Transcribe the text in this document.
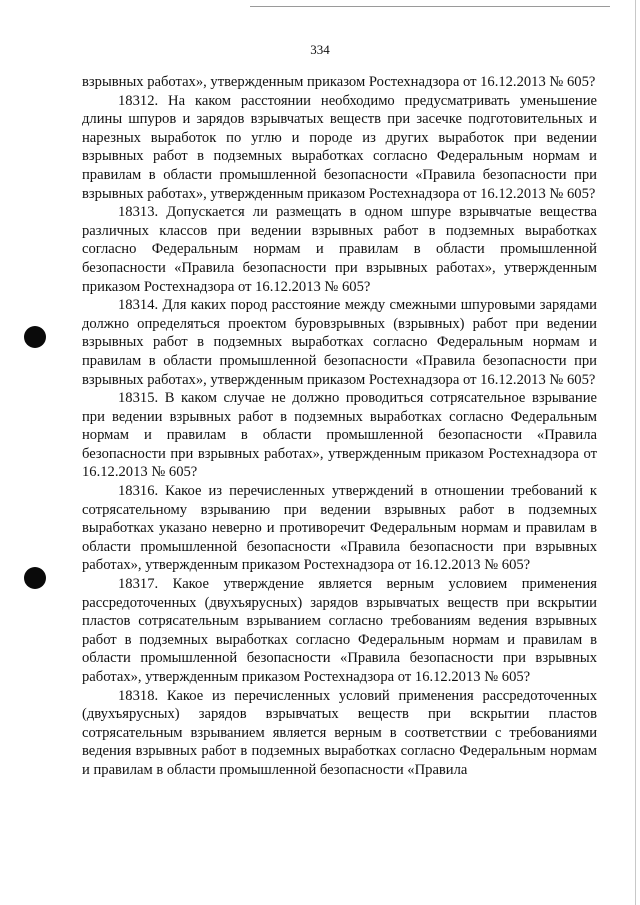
334

взрывных работах», утвержденным приказом Ростехнадзора от 16.12.2013 № 605?

18312. На каком расстоянии необходимо предусматривать уменьшение длины шпуров и зарядов взрывчатых веществ при засечке подготовительных и нарезных выработок по углю и породе из других выработок при ведении взрывных работ в подземных выработках согласно Федеральным нормам и правилам в области промышленной безопасности «Правила безопасности при взрывных работах», утвержденным приказом Ростехнадзора от 16.12.2013 № 605?

18313. Допускается ли размещать в одном шпуре взрывчатые вещества различных классов при ведении взрывных работ в подземных выработках согласно Федеральным нормам и правилам в области промышленной безопасности «Правила безопасности при взрывных работах», утвержденным приказом Ростехнадзора от 16.12.2013 № 605?

18314. Для каких пород расстояние между смежными шпуровыми зарядами должно определяться проектом буровзрывных (взрывных) работ при ведении взрывных работ в подземных выработках согласно Федеральным нормам и правилам в области промышленной безопасности «Правила безопасности при взрывных работах», утвержденным приказом Ростехнадзора от 16.12.2013 № 605?

18315. В каком случае не должно проводиться сотрясательное взрывание при ведении взрывных работ в подземных выработках согласно Федеральным нормам и правилам в области промышленной безопасности «Правила безопасности при взрывных работах», утвержденным приказом Ростехнадзора от 16.12.2013 № 605?

18316. Какое из перечисленных утверждений в отношении требований к сотрясательному взрыванию при ведении взрывных работ в подземных выработках указано неверно и противоречит Федеральным нормам и правилам в области промышленной безопасности «Правила безопасности при взрывных работах», утвержденным приказом Ростехнадзора от 16.12.2013 № 605?

18317. Какое утверждение является верным условием применения рассредоточенных (двухъярусных) зарядов взрывчатых веществ при вскрытии пластов сотрясательным взрыванием согласно требованиям ведения взрывных работ в подземных выработках согласно Федеральным нормам и правилам в области промышленной безопасности «Правила безопасности при взрывных работах», утвержденным приказом Ростехнадзора от 16.12.2013 № 605?

18318. Какое из перечисленных условий применения рассредоточенных (двухъярусных) зарядов взрывчатых веществ при вскрытии пластов сотрясательным взрыванием является верным в соответствии с требованиями ведения взрывных работ в подземных выработках согласно Федеральным нормам и правилам в области промышленной безопасности «Правила
